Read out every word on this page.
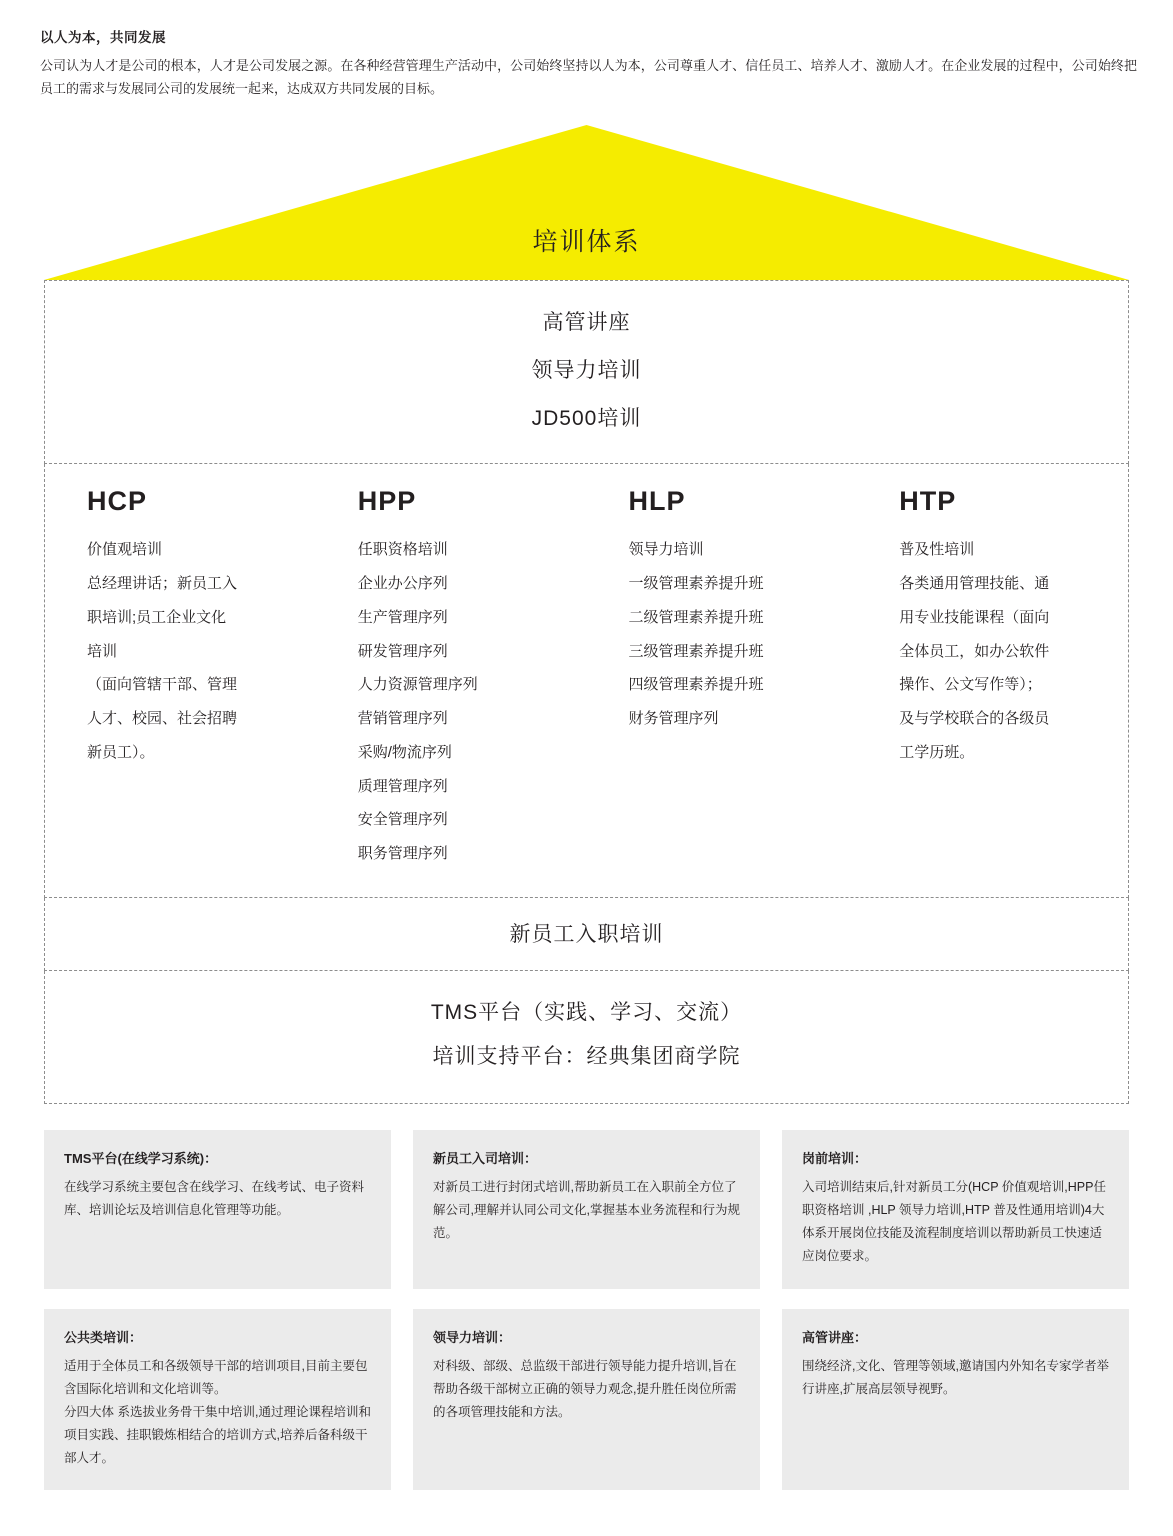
以人为本，共同发展
公司认为人才是公司的根本，人才是公司发展之源。在各种经营管理生产活动中，公司始终坚持以人为本，公司尊重人才、信任员工、培养人才、激励人才。在企业发展的过程中，公司始终把员工的需求与发展同公司的发展统一起来，达成双方共同发展的目标。
培训体系
高管讲座
领导力培训
JD500培训
HCP
价值观培训
总经理讲话；新员工入
职培训;员工企业文化
培训
（面向管辖干部、管理
人才、校园、社会招聘
新员工）。
HPP
任职资格培训
企业办公序列
生产管理序列
研发管理序列
人力资源管理序列
营销管理序列
采购/物流序列
质理管理序列
安全管理序列
职务管理序列
HLP
领导力培训
一级管理素养提升班
二级管理素养提升班
三级管理素养提升班
四级管理素养提升班
财务管理序列
HTP
普及性培训
各类通用管理技能、通
用专业技能课程（面向
全体员工，如办公软件
操作、公文写作等）；
及与学校联合的各级员
工学历班。
新员工入职培训
TMS平台（实践、学习、交流）
培训支持平台：经典集团商学院
TMS平台(在线学习系统)：
在线学习系统主要包含在线学习、在线考试、电子资料库、培训论坛及培训信息化管理等功能。
新员工入司培训：
对新员工进行封闭式培训,帮助新员工在入职前全方位了解公司,理解并认同公司文化,掌握基本业务流程和行为规范。
岗前培训：
入司培训结束后,针对新员工分(HCP 价值观培训,HPP任职资格培训 ,HLP 领导力培训,HTP 普及性通用培训)4大体系开展岗位技能及流程制度培训以帮助新员工快速适应岗位要求。
公共类培训：

适用于全体员工和各级领导干部的培训项目,目前主要包含国际化培训和文化培训等。

分四大体 系选拔业务骨干集中培训,通过理论课程培训和项目实践、挂职锻炼相结合的培训方式,培养后备科级干部人才。

领导力培训：
对科级、部级、总监级干部进行领导能力提升培训,旨在帮助各级干部树立正确的领导力观念,提升胜任岗位所需的各项管理技能和方法。
高管讲座：
围绕经济,文化、管理等领域,邀请国内外知名专家学者举行讲座,扩展高层领导视野。
